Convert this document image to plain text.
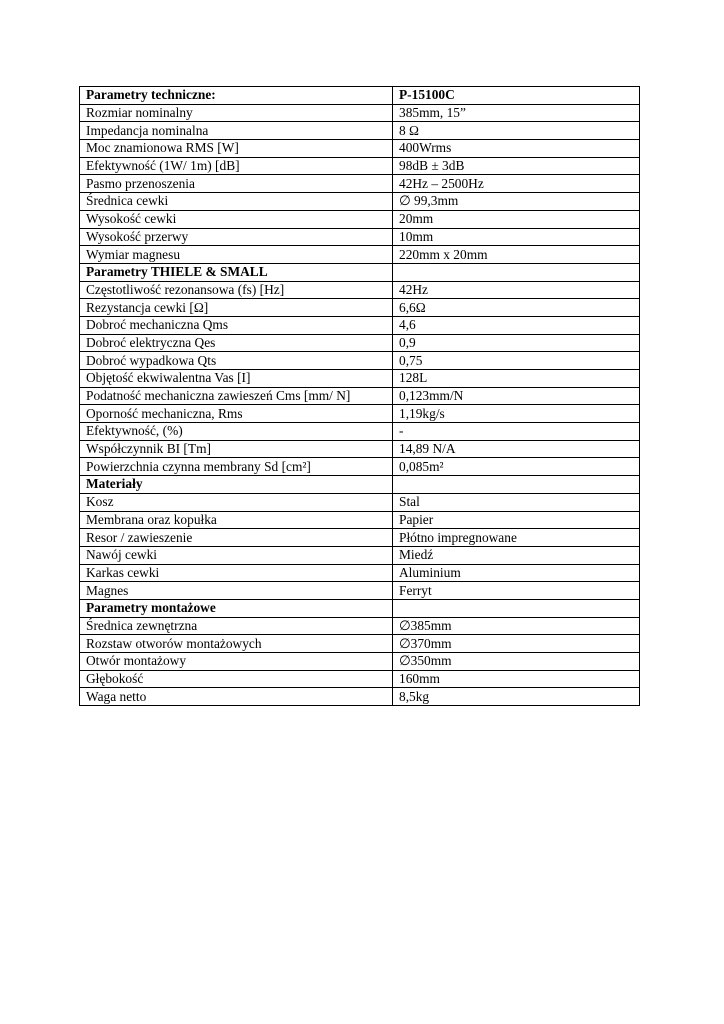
Parametry techniczne:	P-15100C
Rozmiar nominalny	385mm, 15”
Impedancja nominalna	8 Ω
Moc znamionowa RMS [W]	400Wrms
Efektywność (1W/ 1m) [dB]	98dB ± 3dB
Pasmo przenoszenia	42Hz – 2500Hz
Średnica cewki	∅ 99,3mm
Wysokość cewki	20mm
Wysokość przerwy	10mm
Wymiar magnesu	220mm x 20mm
Parametry THIELE & SMALL	
Częstotliwość rezonansowa (fs) [Hz]	42Hz
Rezystancja cewki [Ω]	6,6Ω
Dobroć mechaniczna Qms	4,6
Dobroć elektryczna Qes	0,9
Dobroć wypadkowa Qts	0,75
Objętość ekwiwalentna Vas [I]	128L
Podatność mechaniczna zawieszeń Cms [mm/ N]	0,123mm/N
Oporność mechaniczna, Rms	1,19kg/s
Efektywność, (%)	-
Współczynnik BI [Tm]	14,89 N/A
Powierzchnia czynna membrany Sd [cm²]	0,085m²
Materiały	
Kosz	Stal
Membrana oraz kopułka	Papier
Resor / zawieszenie	Płótno impregnowane
Nawój cewki	Miedź
Karkas cewki	Aluminium
Magnes	Ferryt
Parametry montażowe	
Średnica zewnętrzna	∅385mm
Rozstaw otworów montażowych	∅370mm
Otwór montażowy	∅350mm
Głębokość	160mm
Waga netto	8,5kg
